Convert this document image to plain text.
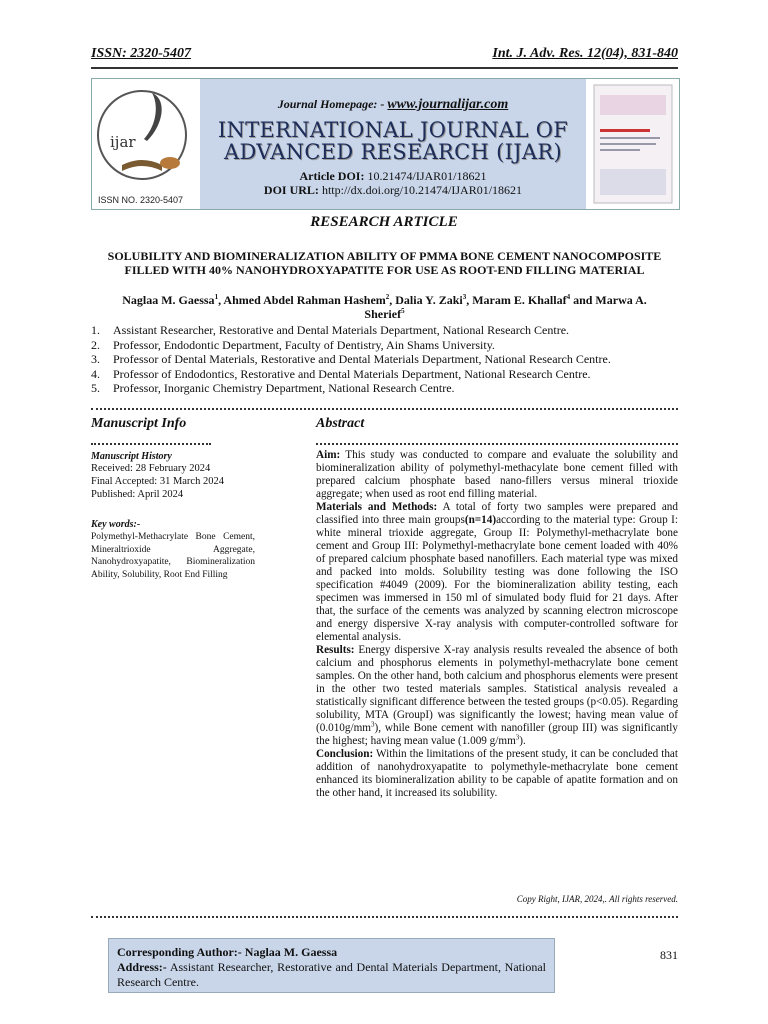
ISSN: 2320-5407	Int. J. Adv. Res. 12(04), 831-840
ijar
ISSN NO. 2320-5407
Journal Homepage: - www.journalijar.com
INTERNATIONAL JOURNAL OF
ADVANCED RESEARCH (IJAR)
Article DOI: 10.21474/IJAR01/18621
DOI URL: http://dx.doi.org/10.21474/IJAR01/18621
RESEARCH ARTICLE
SOLUBILITY AND BIOMINERALIZATION ABILITY OF PMMA BONE CEMENT NANOCOMPOSITE
FILLED WITH 40% NANOHYDROXYAPATITE FOR USE AS ROOT-END FILLING MATERIAL
Naglaa M. Gaessa$^1$, Ahmed Abdel Rahman Hashem$^2$, Dalia Y. Zaki$^3$, Maram E. Khallaf$^4$ and Marwa A.
Sherief$^5$
1. Assistant Researcher, Restorative and Dental Materials Department, National Research Centre.
2. Professor, Endodontic Department, Faculty of Dentistry, Ain Shams University.
3. Professor of Dental Materials, Restorative and Dental Materials Department, National Research Centre.
4. Professor of Endodontics, Restorative and Dental Materials Department, National Research Centre.
5. Professor, Inorganic Chemistry Department, National Research Centre.
Manuscript Info	Abstract
Manuscript History
Received: 28 February 2024
Final Accepted: 31 March 2024
Published: April 2024
Key words:-
Polymethyl-Methacrylate Bone Cement, Mineraltrioxide Aggregate, Nanohydroxyapatite, Biomineralization Ability, Solubility, Root End Filling

Aim: This study was conducted to compare and evaluate the solubility and biomineralization ability of polymethyl-methacylate bone cement filled with prepared calcium phosphate based nano-fillers versus mineral trioxide aggregate; when used as root end filling material.

Materials and Methods: A total of forty two samples were prepared and classified into three main groups(n=14)according to the material type: Group I: white mineral trioxide aggregate, Group II: Polymethyl-methacrylate bone cement and Group III: Polymethyl-methacrylate bone cement loaded with 40% of prepared calcium phosphate based nanofillers. Each material type was mixed and packed into molds. Solubility testing was done following the ISO specification #4049 (2009). For the biomineralization ability testing, each specimen was immersed in 150 ml of simulated body fluid for 21 days. After that, the surface of the cements was analyzed by scanning electron microscope and energy dispersive X-ray analysis with computer-controlled software for elemental analysis.

Results: Energy dispersive X-ray analysis results revealed the absence of both calcium and phosphorus elements in polymethyl-methacrylate bone cement samples. On the other hand, both calcium and phosphorus elements were present in the other two tested materials samples. Statistical analysis revealed a statistically significant difference between the tested groups (p<0.05). Regarding solubility, MTA (GroupI) was significantly the lowest; having mean value of $(0.010g/mm^3)$, while Bone cement with nanofiller (group III) was significantly the highest; having mean value (1.009 $g/mm^3$).

Conclusion: Within the limitations of the present study, it can be concluded that addition of nanohydroxyapatite to polymethyle-methacrylate bone cement enhanced its biomineralization ability to be capable of apatite formation and on the other hand, it increased its solubility.

Copy Right, IJAR, 2024,. All rights reserved.
Corresponding Author:- Naglaa M. Gaessa
Address:- Assistant Researcher, Restorative and Dental Materials Department, National Research Centre.
831
